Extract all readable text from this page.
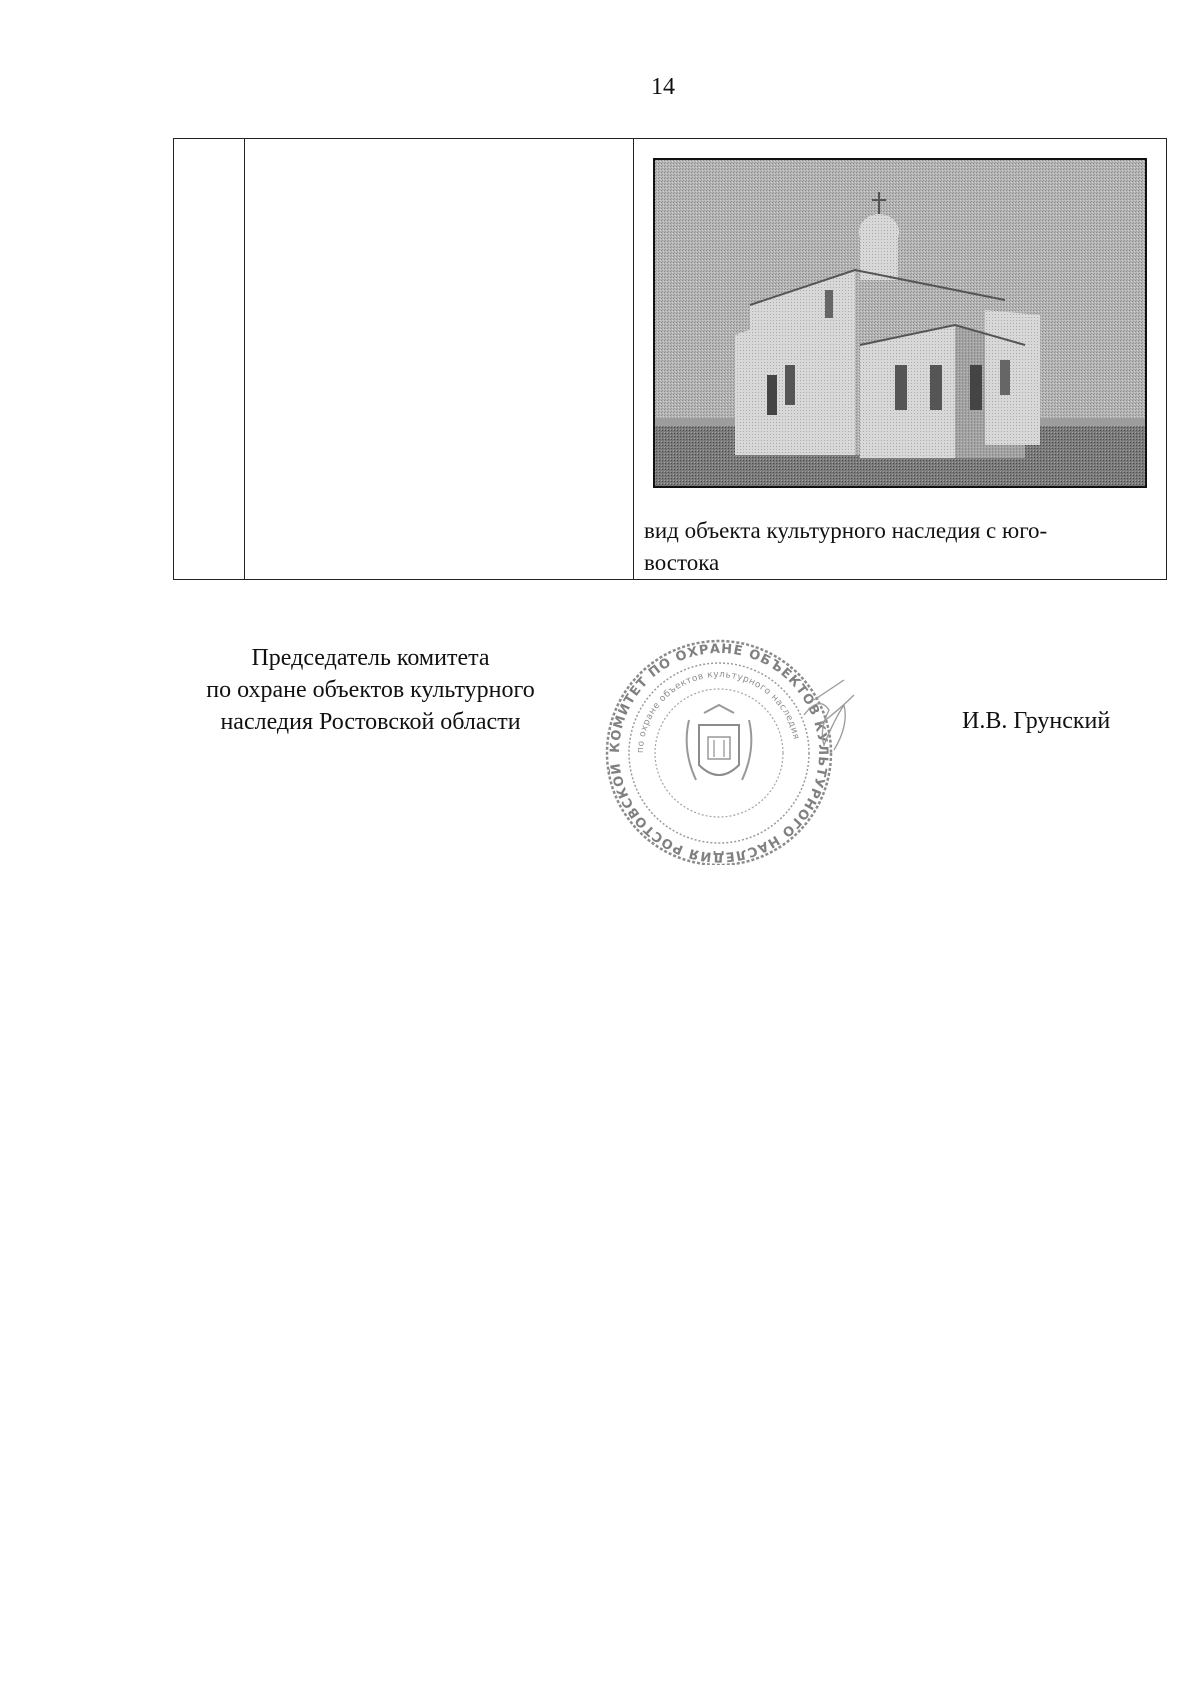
14

вид объекта культурного наследия с юго-
востока
Председатель комитета
по охране объектов культурного
наследия Ростовской области
КОМИТЕТ ПО ОХРАНЕ ОБЪЕКТОВ КУЛЬТУРНОГО НАСЛЕДИЯ РОСТОВСКОЙ
по охране объектов культурного наследия
И.В. Грунский
